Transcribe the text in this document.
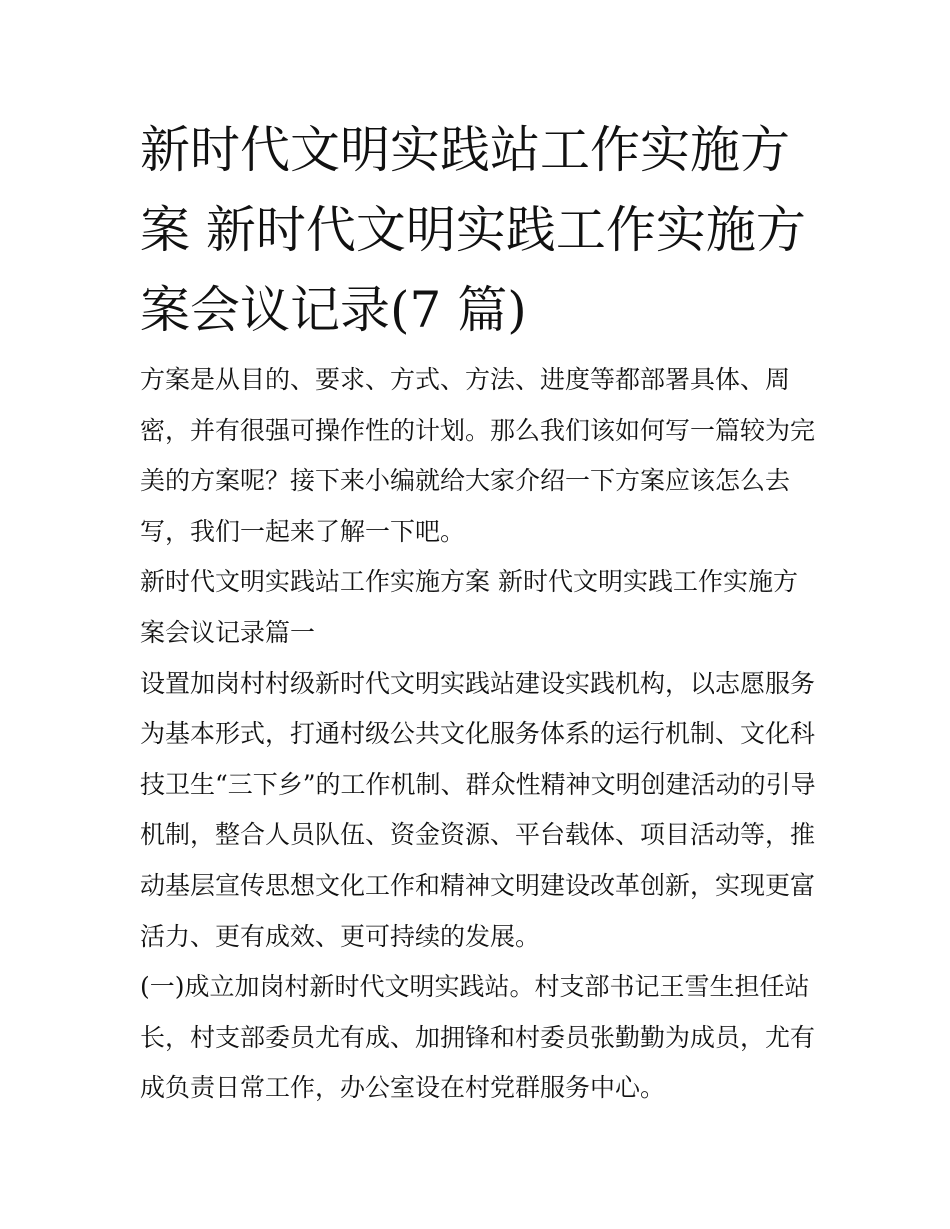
新时代文明实践站工作实施方
案 新时代文明实践工作实施方
案会议记录(7 篇)
方案是从目的、要求、方式、方法、进度等都部署具体、周
密，并有很强可操作性的计划。那么我们该如何写一篇较为完
美的方案呢？接下来小编就给大家介绍一下方案应该怎么去
写，我们一起来了解一下吧。
新时代文明实践站工作实施方案 新时代文明实践工作实施方
案会议记录篇一
设置加岗村村级新时代文明实践站建设实践机构，以志愿服务
为基本形式，打通村级公共文化服务体系的运行机制、文化科
技卫生“三下乡”的工作机制、群众性精神文明创建活动的引导
机制，整合人员队伍、资金资源、平台载体、项目活动等，推
动基层宣传思想文化工作和精神文明建设改革创新，实现更富
活力、更有成效、更可持续的发展。
(一)成立加岗村新时代文明实践站。村支部书记王雪生担任站
长，村支部委员尤有成、加拥锋和村委员张勤勤为成员，尤有
成负责日常工作，办公室设在村党群服务中心。
